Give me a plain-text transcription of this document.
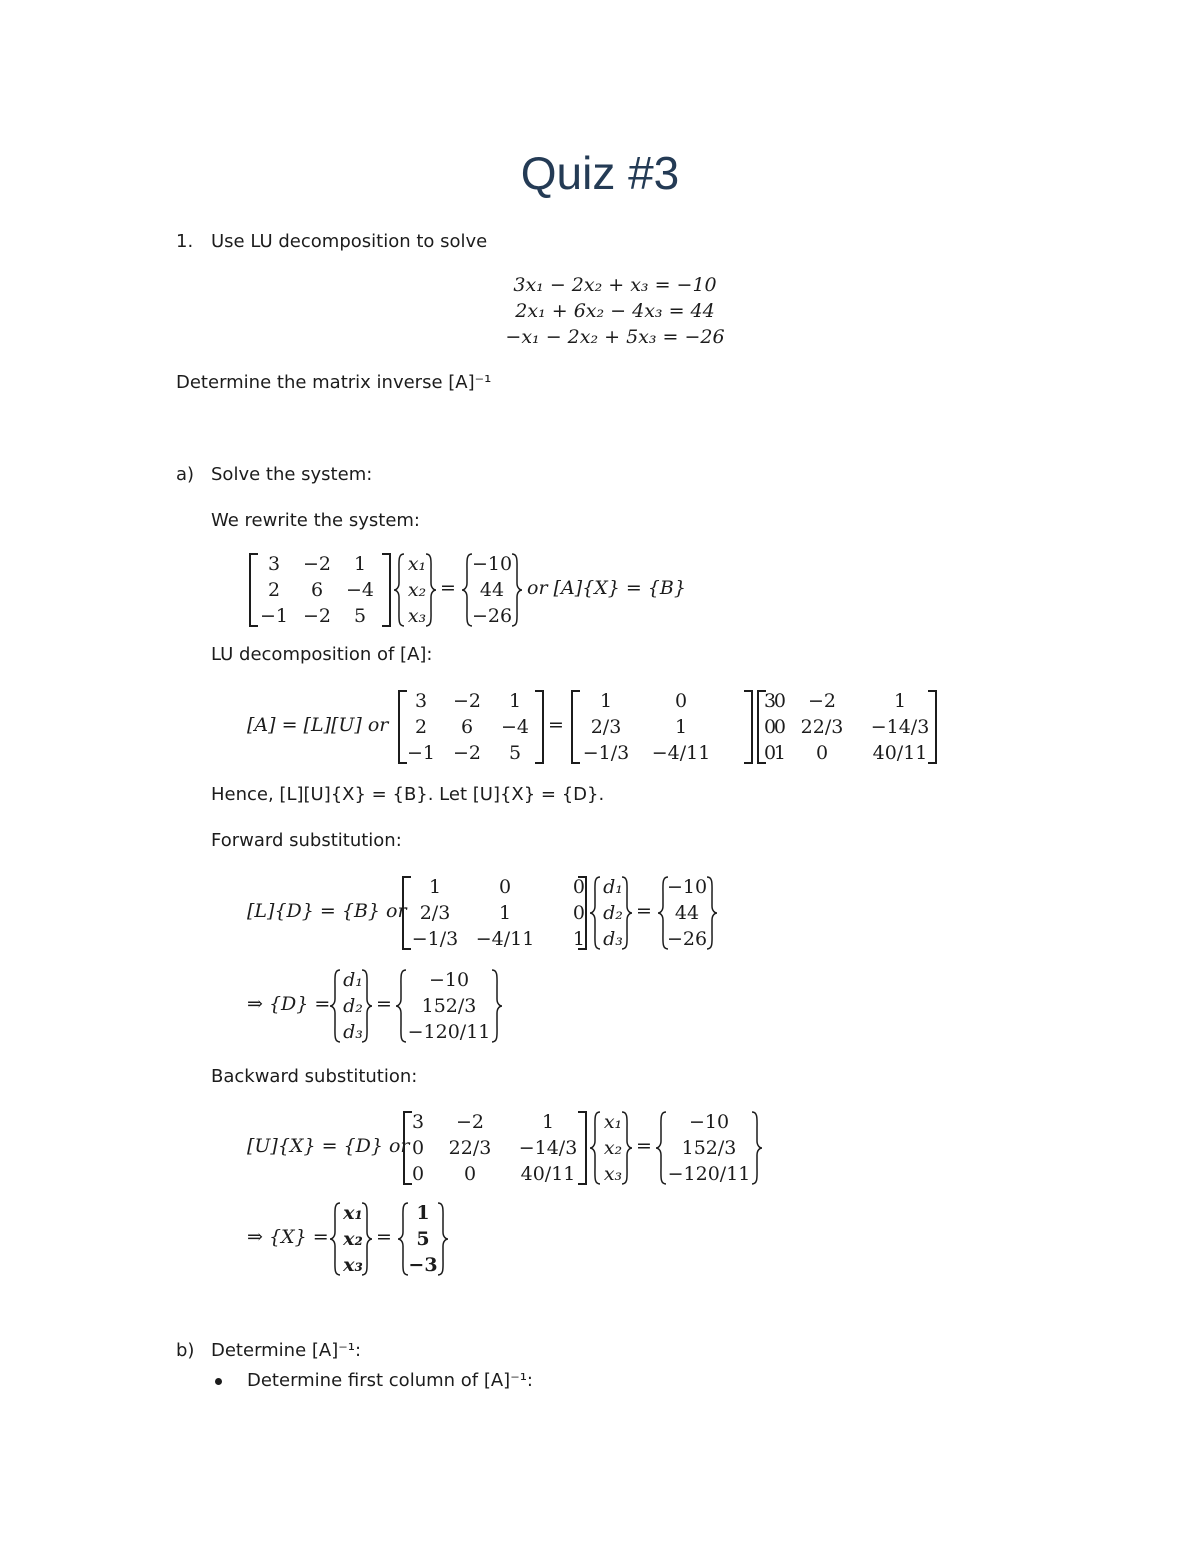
Quiz #3
1. Use LU decomposition to solve
3x₁ − 2x₂ + x₃ = −10
2x₁ + 6x₂ − 4x₃ = 44
−x₁ − 2x₂ + 5x₃ = −26
Determine the matrix inverse [A]⁻¹
a) Solve the system:
We rewrite the system:
3	−2	1
2	6	−4
−1 −2	5
x₁
x₂
x₃
=
−10
44
−26
or [A]{X} = {B}
LU decomposition of [A]:
[A] = [L][U] or
3	−2	1
2	6	−4
−1 −2	5
=
1	0	0
2/3	1	0
−1/3	−4/11	1
3	−2	1
0	22/3	−14/3
0	0	40/11
Hence, [L][U]{X} = {B}. Let [U]{X} = {D}.
Forward substitution:
[L]{D} = {B} or
1	0	0
2/3	1	0
−1/3 −4/11	1
d₁
d₂
d₃
=
−10
44
−26
⇒ {D} =
d₁
d₂
d₃
=
−10
152/3
−120/11
Backward substitution:
[U]{X} = {D} or
3	−2	1
0	22/3	−14/3
0	0	40/11
x₁
x₂
x₃
=
−10
152/3
−120/11
⇒ {X} =
x₁
x₂
x₃
=
1
5
−3
b) Determine [A]⁻¹:
Determine first column of [A]⁻¹:
